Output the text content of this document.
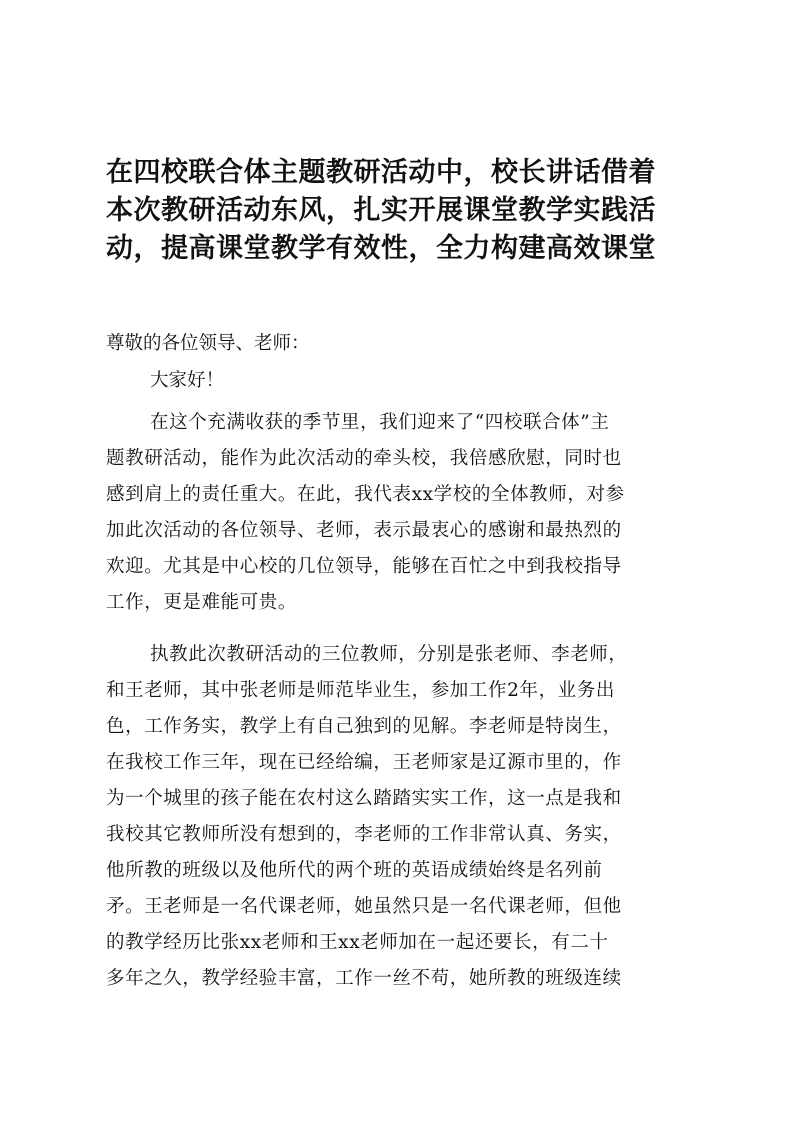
在四校联合体主题教研活动中，校长讲话借着
本次教研活动东风，扎实开展课堂教学实践活
动，提高课堂教学有效性，全力构建高效课堂

尊敬的各位领导、老师：

大家好！

在这个充满收获的季节里，我们迎来了“四校联合体”主
题教研活动，能作为此次活动的牵头校，我倍感欣慰，同时也
感到肩上的责任重大。在此，我代表xx学校的全体教师，对参
加此次活动的各位领导、老师，表示最衷心的感谢和最热烈的
欢迎。尤其是中心校的几位领导，能够在百忙之中到我校指导
工作，更是难能可贵。
执教此次教研活动的三位教师，分别是张老师、李老师，
和王老师，其中张老师是师范毕业生，参加工作2年，业务出
色，工作务实，教学上有自己独到的见解。李老师是特岗生，
在我校工作三年，现在已经给编，王老师家是辽源市里的，作
为一个城里的孩子能在农村这么踏踏实实工作，这一点是我和
我校其它教师所没有想到的，李老师的工作非常认真、务实，
他所教的班级以及他所代的两个班的英语成绩始终是名列前
矛。王老师是一名代课老师，她虽然只是一名代课老师，但他
的教学经历比张xx老师和王xx老师加在一起还要长，有二十
多年之久，教学经验丰富，工作一丝不苟，她所教的班级连续
